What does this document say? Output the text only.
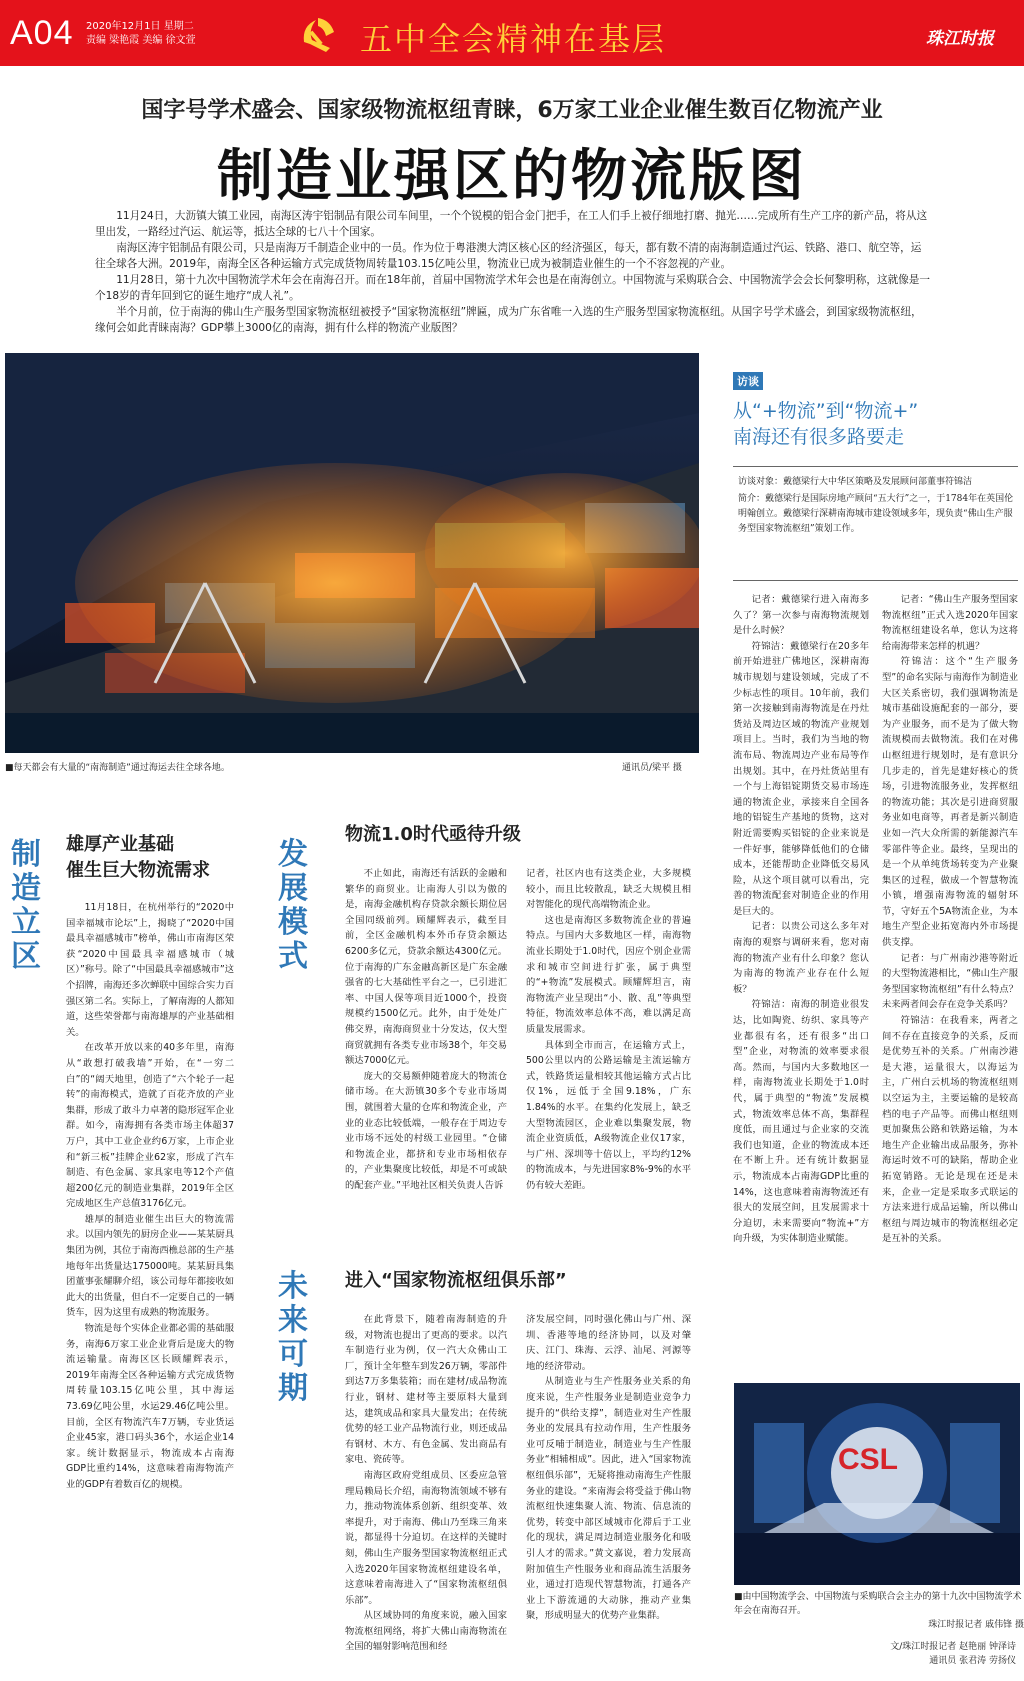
A04 2020年12月1日 星期二
责编 梁艳霞 美编 徐文萱	五中全会精神在基层	珠江时报
国字号学术盛会、国家级物流枢纽青睐，6万家工业企业催生数百亿物流产业
制造业强区的物流版图

11月24日，大沥镇大镇工业园，南海区涛宇铝制品有限公司车间里，一个个锐模的铝合金门把手，在工人们手上被仔细地打磨、抛光……完成所有生产工序的新产品，将从这里出发，一路经过汽运、航运等，抵达全球的七八十个国家。

南海区涛宇铝制品有限公司，只是南海万千制造企业中的一员。作为位于粤港澳大湾区核心区的经济强区，每天，都有数不清的南海制造通过汽运、铁路、港口、航空等，运往全球各大洲。2019年，南海全区各种运输方式完成货物周转量103.15亿吨公里，物流业已成为被制造业催生的一个不容忽视的产业。

11月28日，第十九次中国物流学术年会在南海召开。而在18年前，首届中国物流学术年会也是在南海创立。中国物流与采购联合会、中国物流学会会长何黎明称，这就像是一个18岁的青年回到它的诞生地疗“成人礼”。

半个月前，位于南海的佛山生产服务型国家物流枢纽被授予“国家物流枢纽”牌匾，成为广东省唯一入选的生产服务型国家物流枢纽。从国字号学术盛会，到国家级物流枢纽，缘何会如此青睐南海？GDP攀上3000亿的南海，拥有什么样的物流产业版图？

■每天都会有大量的“南海制造”通过海运去往全球各地。	通讯员/梁平 摄
访谈
从“+物流”到“物流+”
南海还有很多路要走

访谈对象：戴德梁行大中华区策略及发展顾问部董事符锦洁

简介：戴德梁行是国际房地产顾问“五大行”之一，于1784年在英国伦明翰创立。戴德梁行深耕南海城市建设领域多年，现负责“佛山生产服务型国家物流枢纽”策划工作。

记者：戴德梁行进入南海多久了？第一次参与南海物流规划是什么时候？

符锦洁：戴德梁行在20多年前开始进驻广佛地区，深耕南海城市规划与建设领域，完成了不少标志性的项目。10年前，我们第一次接触到南海物流是在丹灶货站及周边区域的物流产业规划项目上。当时，我们为当地的物流布局、物流周边产业布局等作出规划。其中，在丹灶货站里有一个与上海铝锭期货交易市场连通的物流企业，承接来自全国各地的铝锭生产基地的货物，这对附近需要购买铝锭的企业来说是一件好事，能够降低他们的仓储成本，还能帮助企业降低交易风险，从这个项目就可以看出，完善的物流配套对制造企业的作用是巨大的。

记者：以贵公司这么多年对南海的观察与调研来看，您对南海的物流产业有什么印象？您认为南海的物流产业存在什么短板？

符锦洁：南海的制造业很发达，比如陶瓷、纺织、家具等产业都很有名，还有很多“出口型”企业，对物流的效率要求很高。然而，与国内大多数地区一样，南海物流业长期处于1.0时代，属于典型的“物流”发展模式，物流效率总体不高，集群程度低，而且通过与企业家的交流我们也知道，企业的物流成本还在不断上升。还有统计数据显示，物流成本占南海GDP比重的14%，这也意味着南海物流还有很大的发展空间，且发展需求十分迫切，未来需要向“物流+”方向升级，为实体制造业赋能。

记者：“佛山生产服务型国家物流枢纽”正式入选2020年国家物流枢纽建设名单，您认为这将给南海带来怎样的机遇？

符锦洁：这个“生产服务型”的命名实际与南海作为制造业大区关系密切，我们强调物流是城市基础设施配套的一部分，要为产业服务，而不是为了做大物流规模而去做物流。我们在对佛山枢纽进行规划时，是有意识分几步走的，首先是建好核心的货场，引进物流服务业，发挥枢纽的物流功能；其次是引进商贸服务业如电商等，再者是新兴制造业如一汽大众所需的新能源汽车零部件等企业。最终，呈现出的是一个从单纯货场转变为产业聚集区的过程，做成一个智慧物流小镇，增强南海物流的辐射环节，守好五个5A物流企业，为本地生产型企业拓宽海内外市场提供支撑。

记者：与广州南沙港等附近的大型物流港相比，“佛山生产服务型国家物流枢纽”有什么特点？未来两者间会存在竞争关系吗？

符锦洁：在我看来，两者之间不存在直接竞争的关系，反而是优势互补的关系。广州南沙港是大港，运量很大，以海运为主，广州白云机场的物流枢纽则以空运为主，主要运输的是较高档的电子产品等。而佛山枢纽则更加聚焦公路和铁路运输，为本地生产企业输出成品服务，弥补海运时效不可的缺陷，帮助企业拓宽销路。无论是现在还是未来，企业一定是采取多式联运的方法来进行成品运输，所以佛山枢纽与周边城市的物流枢纽必定是互补的关系。

CSL
■由中国物流学会、中国物流与采购联合会主办的第十九次中国物流学术年会在南海召开。
珠江时报记者 戚伟锋 摄
制造立区
发展模式
未来可期
雄厚产业基础
催生巨大物流需求

11月18日，在杭州举行的“2020中国幸福城市论坛”上，揭晓了“2020中国最具幸福感城市”榜单，佛山市南海区荣获“2020中国最具幸福感城市（城区）”称号。除了“中国最具幸福感城市”这个招牌，南海还多次蝉联中国综合实力百强区第二名。实际上，了解南海的人都知道，这些荣誉都与南海雄厚的产业基础相关。

在改革开放以来的40多年里，南海从“敢想打破我墙”开始，在“一穷二白”的“阔天地里，创造了“六个轮子一起转”的南海模式，造就了百花齐放的产业集群，形成了敢斗力卓著的隐形冠军企业群。如今，南海拥有各类市场主体超37万户，其中工业企业约6万家，上市企业和“新三板”挂牌企业62家，形成了汽车制造、有色金属、家具家电等12个产值超200亿元的制造业集群，2019年全区完成地区生产总值3176亿元。

雄厚的制造业催生出巨大的物流需求。以国内领先的厨房企业——某某厨具集团为例，其位于南海西樵总部的生产基地每年出货量达175000吨。某某厨具集团董事张耀聊介绍，该公司每年都接收如此大的出货量，但白不一定要自己的一辆货车，因为这里有成熟的物流服务。

物流是每个实体企业都必需的基础服务，南海6万家工业企业背后是庞大的物流运输量。南海区区长顾耀辉表示，2019年南海全区各种运输方式完成货物周转量103.15亿吨公里，其中海运73.69亿吨公里，水运29.46亿吨公里。目前，全区有物流汽车7万辆，专业货运企业45家，港口码头36个，水运企业14家。统计数据显示，物流成本占南海GDP比重约14%，这意味着南海物流产业的GDP有着数百亿的规模。

物流1.0时代亟待升级

不止如此，南海还有活跃的金融和繁华的商贸业。让南海人引以为傲的是，南海金融机构存贷款余额长期位居全国同级前列。顾耀辉表示，截至目前，全区金融机构本外币存贷余额达6200多亿元，贷款余额达4300亿元。位于南海的广东金融高新区是广东金融强省的七大基础性平台之一，已引进汇率、中国人保等项目近1000个，投资规模约1500亿元。此外，由于处处广佛交界，南海商贸业十分发达，仅大型商贸就拥有各类专业市场38个，年交易额达7000亿元。

庞大的交易额伸随着庞大的物流仓储市场。在大沥镇30多个专业市场周围，就围着大量的仓库和物流企业，产业的业态比较低端，一般存在于周边专业市场不远处的村级工业园里。“仓储和物流企业，都挤和专业市场相依存的，产业集聚度比较低，却是不可或缺的配套产业。”平地社区相关负责人告诉

记者，社区内也有这类企业，大多规模较小，而且比较散乱，缺乏大规模且相对智能化的现代高端物流企业。

这也是南海区多数物流企业的普遍特点。与国内大多数地区一样，南海物流业长期处于1.0时代，因应个别企业需求和城市空间进行扩张，属于典型的“+物流”发展模式。顾耀辉坦言，南海物流产业呈现出“小、散、乱”等典型特征，物流效率总体不高，难以满足高质量发展需求。

具体到全市而言，在运输方式上，500公里以内的公路运输是主流运输方式，铁路货运量相较其他运输方式占比仅1%，远低于全国9.18%，广东1.84%的水平。在集约化发展上，缺乏大型物流园区，企业难以集聚发展，物流企业资质低，A级物流企业仅17家，与广州、深圳等十倍以上，平均约12%的物流成本，与先进国家8%-9%的水平仍有较大差距。

进入“国家物流枢纽俱乐部”

在此背景下，随着南海制造的升级，对物流也提出了更高的要求。以汽车制造行业为例，仅一汽大众佛山工厂，预计全年整车到发26万辆，零部件到达7万多集装箱；而在建材/成品物流行业，钢材、建材等主要原料大量到达，建筑成品和家具大量发出；在传统优势的轻工业产品物流行业，则还成品有钢材、木方、有色金属、发出商品有家电、瓷砖等。

南海区政府党组成员、区委应急管理局赖局长介绍，南海物流领域不够有力，推动物流体系创新、组织变革、效率提升，对于南海、佛山乃至珠三角来说，都显得十分迫切。在这样的关键时刻，佛山生产服务型国家物流枢纽正式入选2020年国家物流枢纽建设名单，这意味着南海进入了“国家物流枢纽俱乐部”。

从区域协同的角度来说，融入国家物流枢纽网络，将扩大佛山南海物流在全国的辐射影响范围和经

济发展空间，同时强化佛山与广州、深圳、香港等地的经济协同，以及对肇庆、江门、珠海、云浮、汕尾、河源等地的经济带动。

从制造业与生产性服务业关系的角度来说，生产性服务业是制造业竞争力提升的“供给支撑”，制造业对生产性服务业的发展具有拉动作用，生产性服务业可反哺于制造业，制造业与生产性服务业“相辅相成”。因此，进入“国家物流枢纽俱乐部”，无疑将推动南海生产性服务业的建设。“来南海会将受益于佛山物流枢纽快速集聚人流、物流、信息流的优势，转变中部区域城市化滞后于工业化的现状，满足周边制造业服务化和吸引人才的需求。”黄文嘉说，着力发展高附加值生产性服务业和商品流生活服务业，通过打造现代智慧物流，打通各产业上下游流通的大动脉，推动产业集聚，形成明显大的优势产业集群。

文/珠江时报记者 赵艳丽 钟泽诗
通讯员 张君涛 劳扬仪
